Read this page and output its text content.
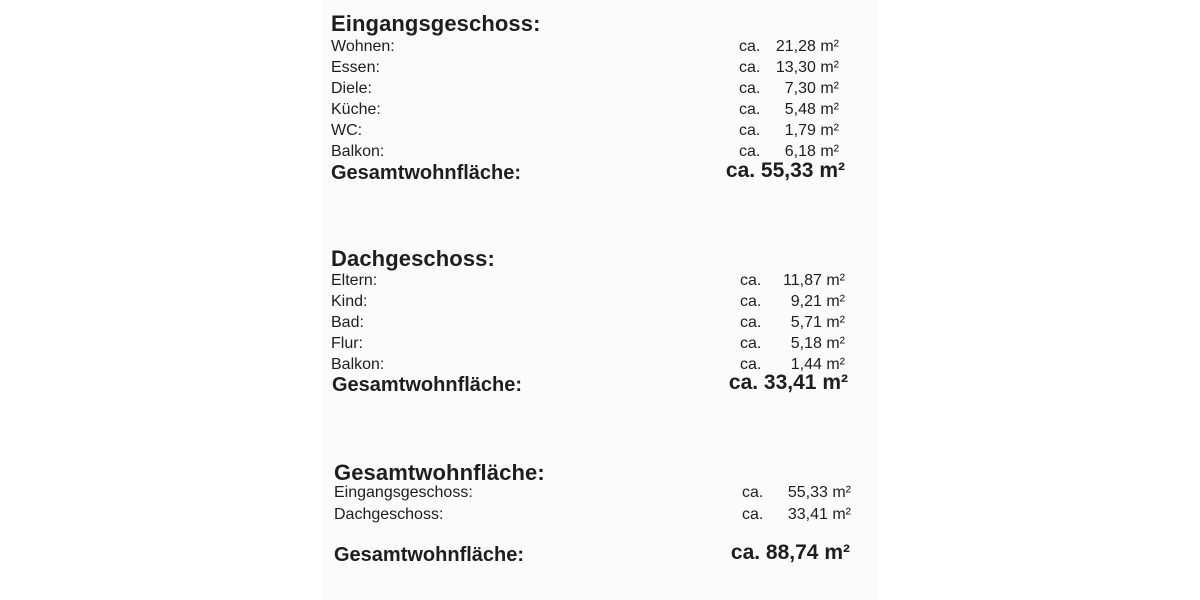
Eingangsgeschoss:
Wohnen:	ca. 21,28 m²
Essen:	ca. 13,30 m²
Diele:	ca. 7,30 m²
Küche:	ca. 5,48 m²
WC:	ca. 1,79 m²
Balkon:	ca. 6,18 m²
Gesamtwohnfläche:	ca. 55,33 m²
Dachgeschoss:
Eltern:	ca. 11,87 m²
Kind:	ca. 9,21 m²
Bad:	ca. 5,71 m²
Flur:	ca. 5,18 m²
Balkon:	ca. 1,44 m²
Gesamtwohnfläche:	ca. 33,41 m²
Gesamtwohnfläche:
Eingangsgeschoss:	ca. 55,33 m²
Dachgeschoss:	ca. 33,41 m²
Gesamtwohnfläche:	ca. 88,74 m²
